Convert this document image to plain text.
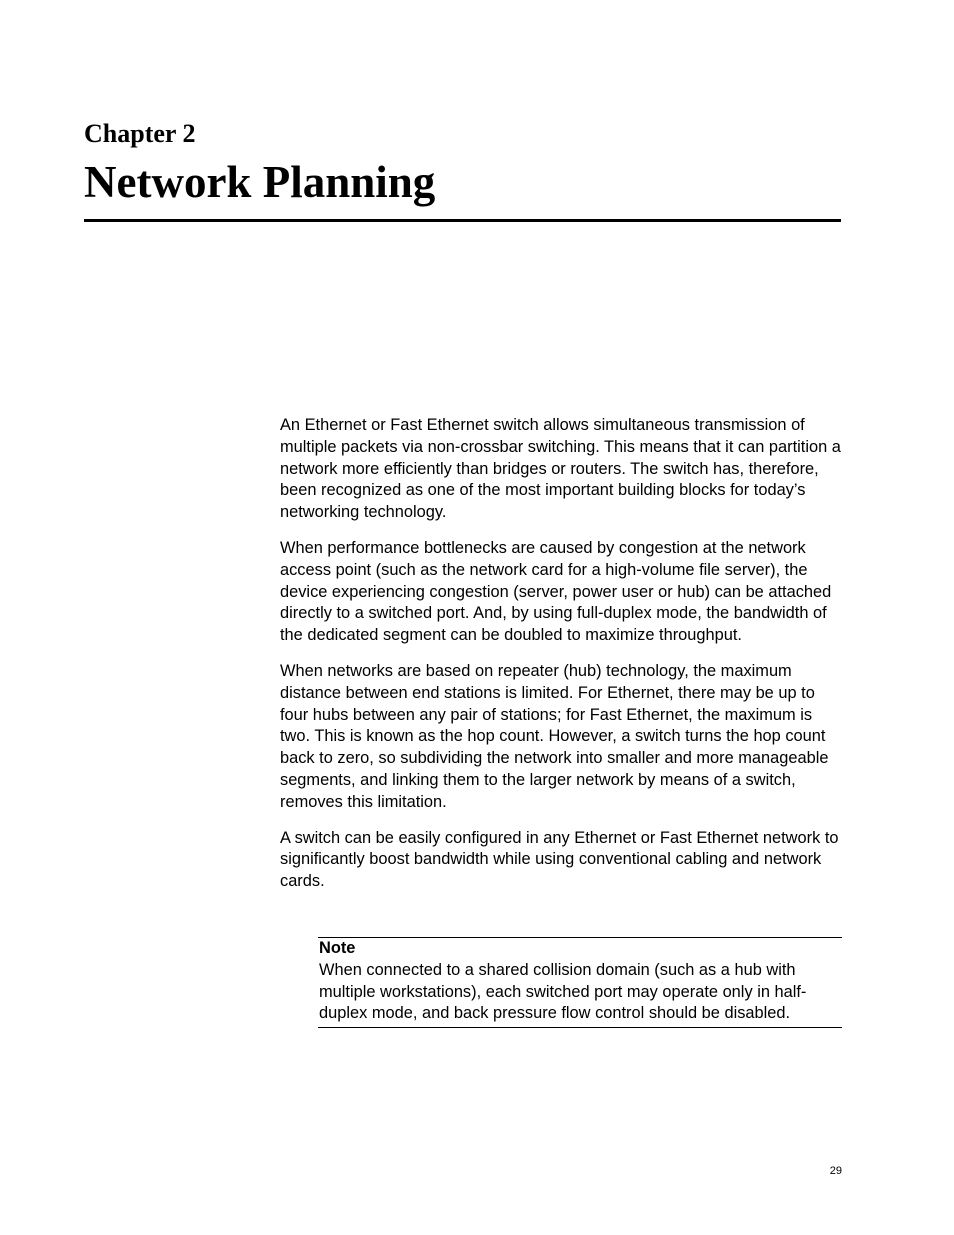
Chapter 2
Network Planning

An Ethernet or Fast Ethernet switch allows simultaneous transmission of multiple packets via non-crossbar switching. This means that it can partition a network more efficiently than bridges or routers. The switch has, therefore, been recognized as one of the most important building blocks for today’s networking technology.

When performance bottlenecks are caused by congestion at the network access point (such as the network card for a high-volume file server), the device experiencing congestion (server, power user or hub) can be attached directly to a switched port. And, by using full-duplex mode, the bandwidth of the dedicated segment can be doubled to maximize throughput.

When networks are based on repeater (hub) technology, the maximum distance between end stations is limited. For Ethernet, there may be up to four hubs between any pair of stations; for Fast Ethernet, the maximum is two. This is known as the hop count. However, a switch turns the hop count back to zero, so subdividing the network into smaller and more manageable segments, and linking them to the larger network by means of a switch, removes this limitation.

A switch can be easily configured in any Ethernet or Fast Ethernet network to significantly boost bandwidth while using conventional cabling and network cards.

Note
When connected to a shared collision domain (such as a hub with multiple workstations), each switched port may operate only in half-duplex mode, and back pressure flow control should be disabled.
29
